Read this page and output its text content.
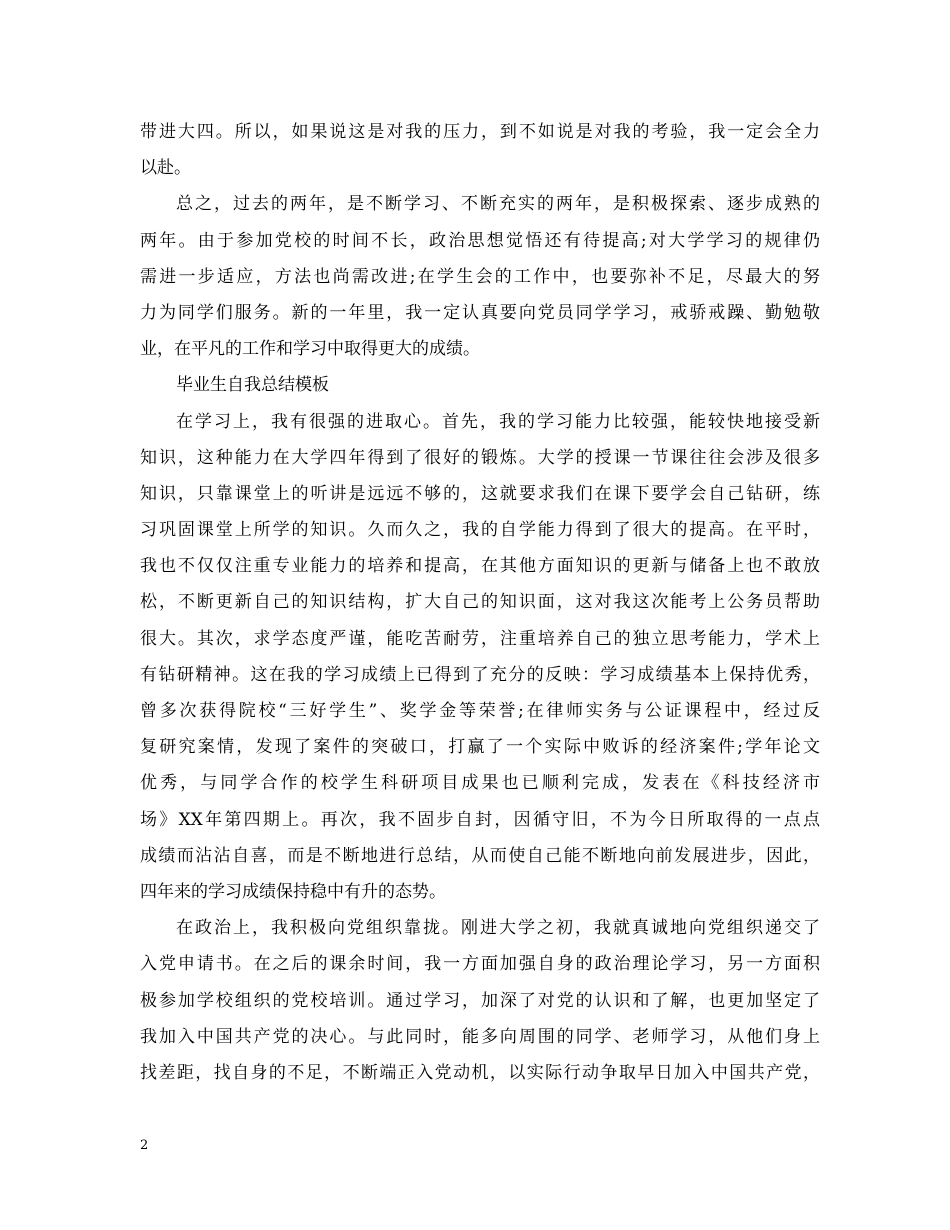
带进大四。所以，如果说这是对我的压力，到不如说是对我的考验，我一定会全力
以赴。
总之，过去的两年，是不断学习、不断充实的两年，是积极探索、逐步成熟的
两年。由于参加党校的时间不长，政治思想觉悟还有待提高;对大学学习的规律仍
需进一步适应，方法也尚需改进;在学生会的工作中，也要弥补不足，尽最大的努
力为同学们服务。新的一年里，我一定认真要向党员同学学习，戒骄戒躁、勤勉敬
业，在平凡的工作和学习中取得更大的成绩。
毕业生自我总结模板
在学习上，我有很强的进取心。首先，我的学习能力比较强，能较快地接受新
知识，这种能力在大学四年得到了很好的锻炼。大学的授课一节课往往会涉及很多
知识，只靠课堂上的听讲是远远不够的，这就要求我们在课下要学会自己钻研，练
习巩固课堂上所学的知识。久而久之，我的自学能力得到了很大的提高。在平时，
我也不仅仅注重专业能力的培养和提高，在其他方面知识的更新与储备上也不敢放
松，不断更新自己的知识结构，扩大自己的知识面，这对我这次能考上公务员帮助
很大。其次，求学态度严谨，能吃苦耐劳，注重培养自己的独立思考能力，学术上
有钻研精神。这在我的学习成绩上已得到了充分的反映：学习成绩基本上保持优秀，
曾多次获得院校“三好学生”、奖学金等荣誉;在律师实务与公证课程中，经过反
复研究案情，发现了案件的突破口，打赢了一个实际中败诉的经济案件;学年论文
优秀，与同学合作的校学生科研项目成果也已顺利完成，发表在《科技经济市
场》XX年第四期上。再次，我不固步自封，因循守旧，不为今日所取得的一点点
成绩而沾沾自喜，而是不断地进行总结，从而使自己能不断地向前发展进步，因此，
四年来的学习成绩保持稳中有升的态势。
在政治上，我积极向党组织靠拢。刚进大学之初，我就真诚地向党组织递交了
入党申请书。在之后的课余时间，我一方面加强自身的政治理论学习，另一方面积
极参加学校组织的党校培训。通过学习，加深了对党的认识和了解，也更加坚定了
我加入中国共产党的决心。与此同时，能多向周围的同学、老师学习，从他们身上
找差距，找自身的不足，不断端正入党动机，以实际行动争取早日加入中国共产党，
2
